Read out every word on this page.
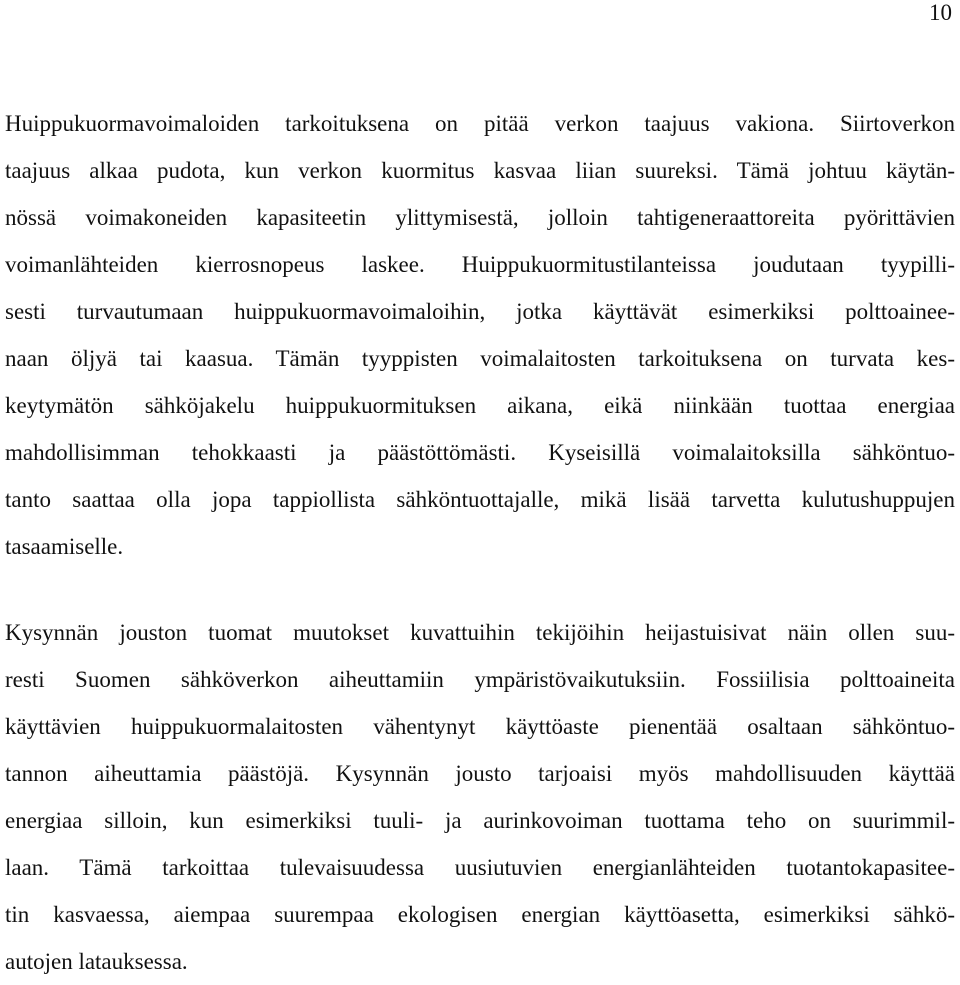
10
Huippukuormavoimaloiden tarkoituksena on pitää verkon taajuus vakiona. Siirtoverkon
taajuus alkaa pudota, kun verkon kuormitus kasvaa liian suureksi. Tämä johtuu käytän-
nössä voimakoneiden kapasiteetin ylittymisestä, jolloin tahtigeneraattoreita pyörittävien
voimanlähteiden kierrosnopeus laskee. Huippukuormitustilanteissa joudutaan tyypilli-
sesti turvautumaan huippukuormavoimaloihin, jotka käyttävät esimerkiksi polttoainee-
naan öljyä tai kaasua. Tämän tyyppisten voimalaitosten tarkoituksena on turvata kes-
keytymätön sähköjakelu huippukuormituksen aikana, eikä niinkään tuottaa energiaa
mahdollisimman tehokkaasti ja päästöttömästi. Kyseisillä voimalaitoksilla sähköntuo-
tanto saattaa olla jopa tappiollista sähköntuottajalle, mikä lisää tarvetta kulutushuppujen
tasaamiselle.
Kysynnän jouston tuomat muutokset kuvattuihin tekijöihin heijastuisivat näin ollen suu-
resti Suomen sähköverkon aiheuttamiin ympäristövaikutuksiin. Fossiilisia polttoaineita
käyttävien huippukuormalaitosten vähentynyt käyttöaste pienentää osaltaan sähköntuo-
tannon aiheuttamia päästöjä. Kysynnän jousto tarjoaisi myös mahdollisuuden käyttää
energiaa silloin, kun esimerkiksi tuuli- ja aurinkovoiman tuottama teho on suurimmil-
laan. Tämä tarkoittaa tulevaisuudessa uusiutuvien energianlähteiden tuotantokapasitee-
tin kasvaessa, aiempaa suurempaa ekologisen energian käyttöasetta, esimerkiksi sähkö-
autojen latauksessa.
